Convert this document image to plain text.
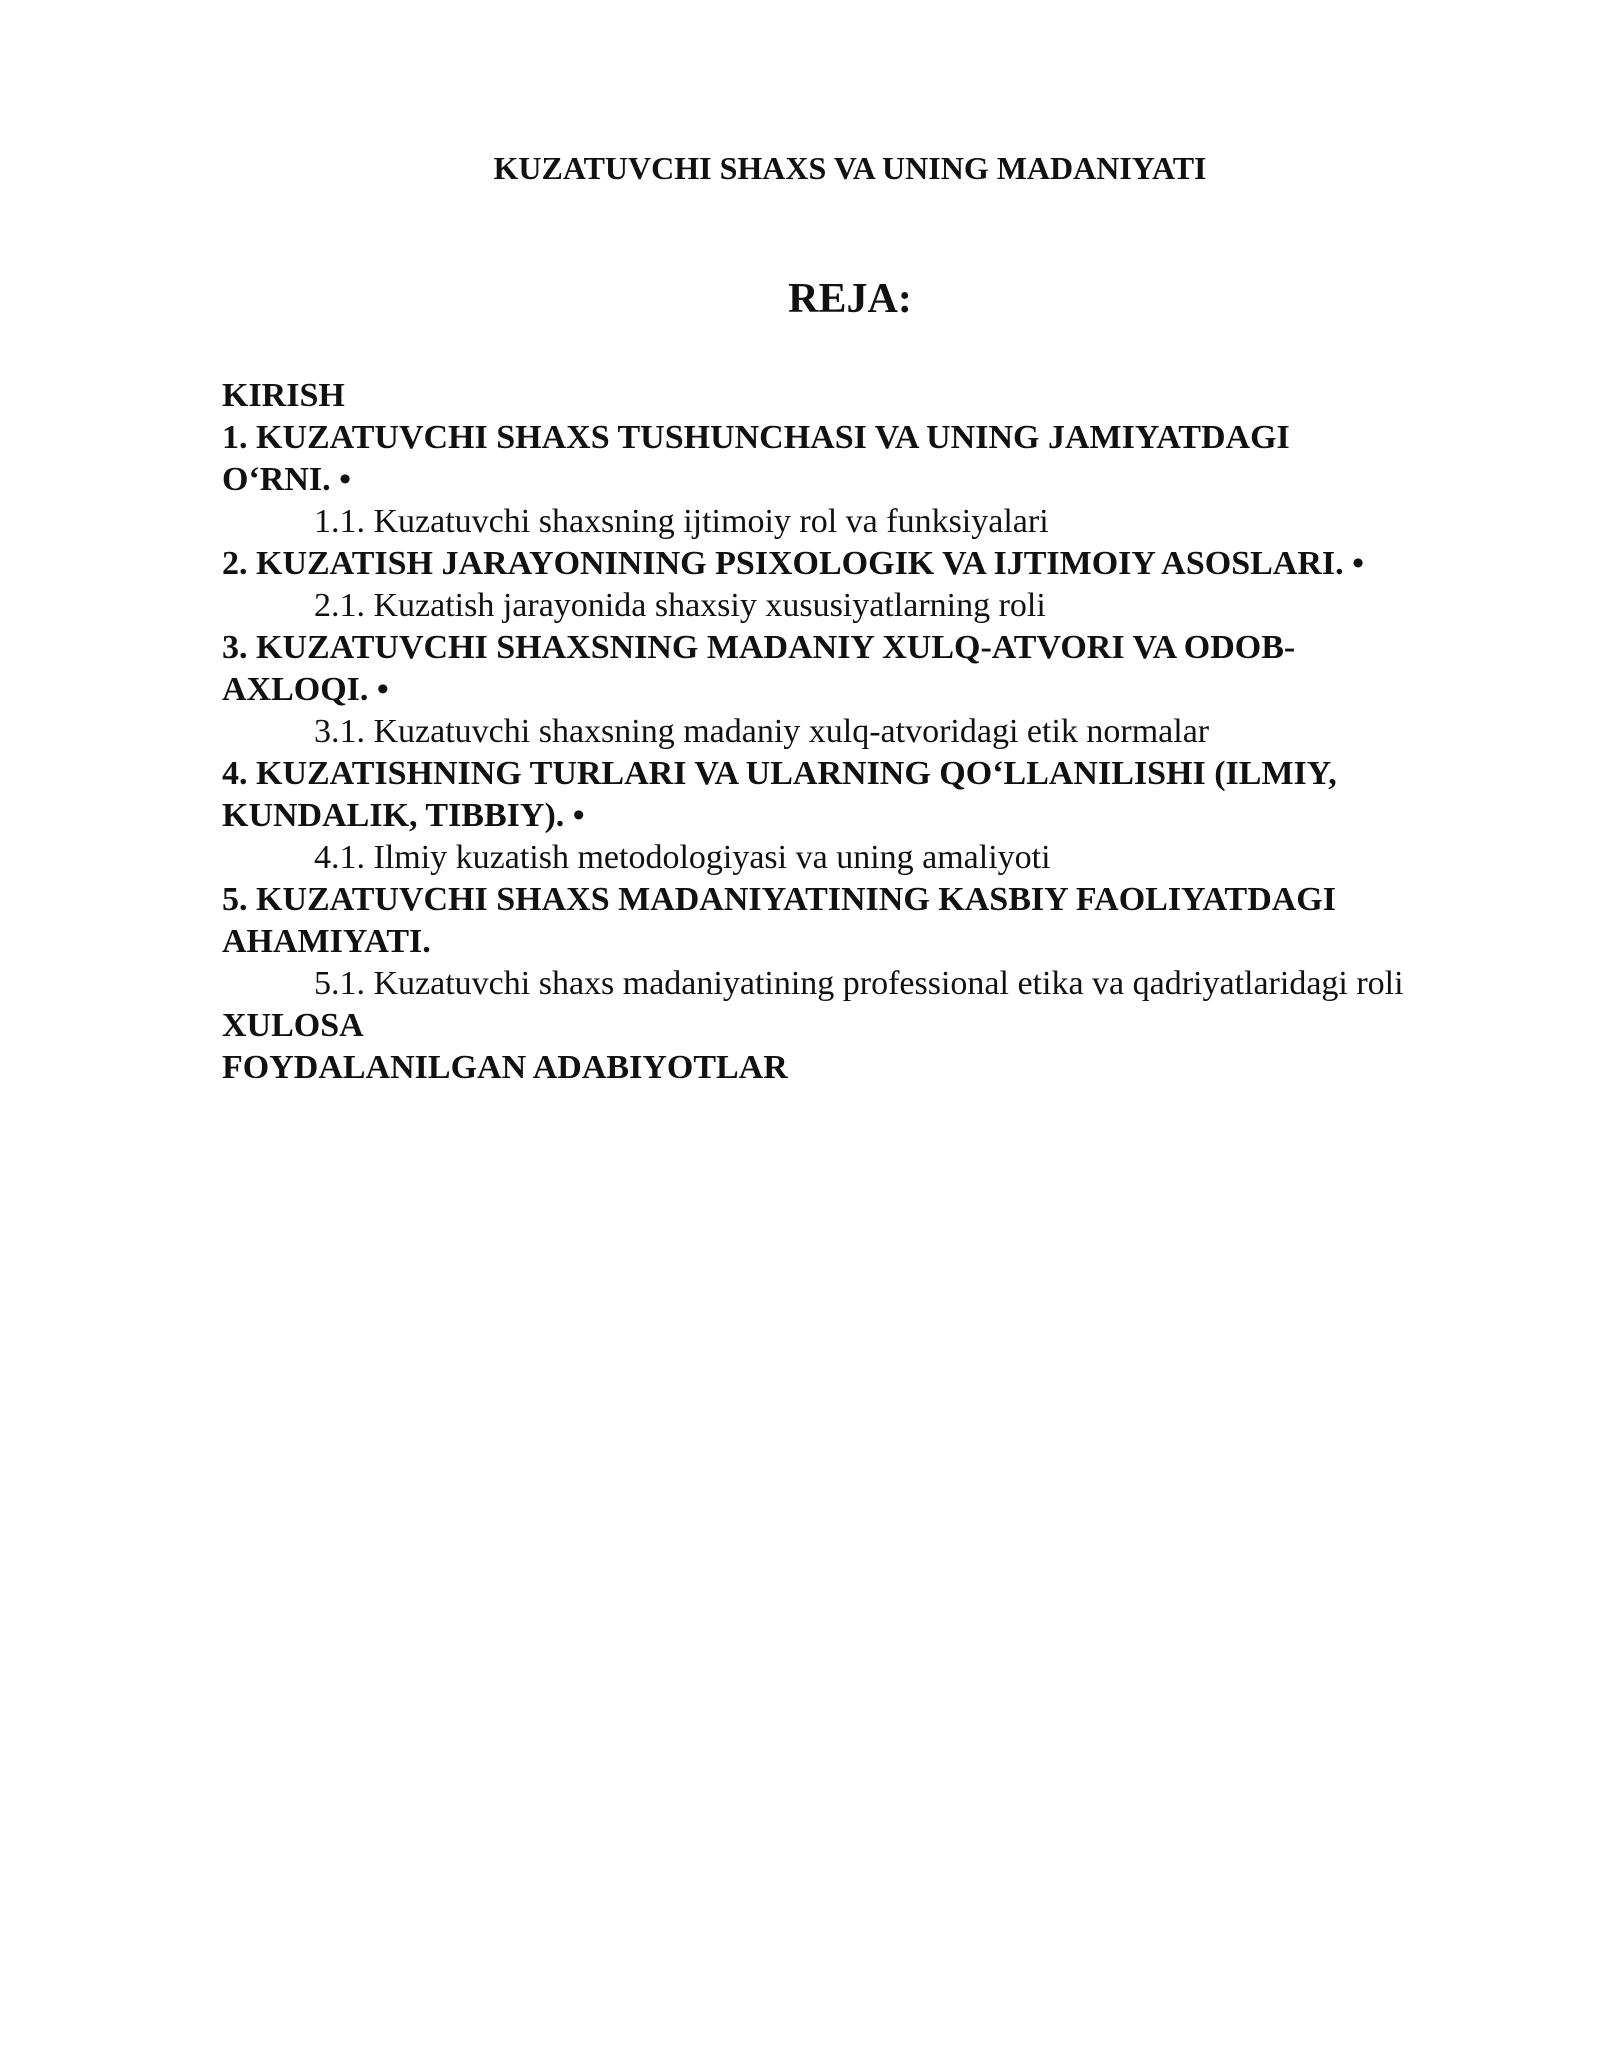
KUZATUVCHI SHAXS VA UNING MADANIYATI
REJA:
KIRISH
1. KUZATUVCHI SHAXS TUSHUNCHASI VA UNING JAMIYATDAGI
O‘RNI. •
1.1. Kuzatuvchi shaxsning ijtimoiy rol va funksiyalari
2. KUZATISH JARAYONINING PSIXOLOGIK VA IJTIMOIY ASOSLARI. •
2.1. Kuzatish jarayonida shaxsiy xususiyatlarning roli
3. KUZATUVCHI SHAXSNING MADANIY XULQ-ATVORI VA ODOB-
AXLOQI. •
3.1. Kuzatuvchi shaxsning madaniy xulq-atvoridagi etik normalar
4. KUZATISHNING TURLARI VA ULARNING QO‘LLANILISHI (ILMIY,
KUNDALIK, TIBBIY). •
4.1. Ilmiy kuzatish metodologiyasi va uning amaliyoti
5. KUZATUVCHI SHAXS MADANIYATINING KASBIY FAOLIYATDAGI
AHAMIYATI.
5.1. Kuzatuvchi shaxs madaniyatining professional etika va qadriyatlaridagi roli
XULOSA
FOYDALANILGAN ADABIYOTLAR
